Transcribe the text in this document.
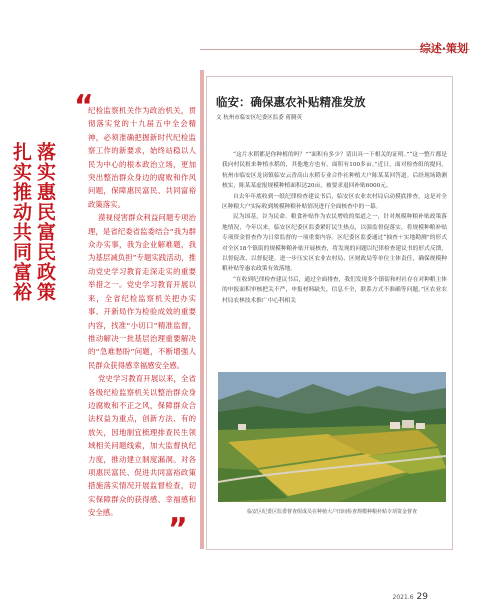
综述·策划
落实惠民富民政策
扎实推动共同富裕
“

纪检监察机关作为政治机关，贯彻落实党的十九届五中全会精神，必须准确把握新时代纪检监察工作的新要求，始终站稳以人民为中心的根本政治立场，更加突出整治群众身边的腐败和作风问题，保障惠民富民、共同富裕政策落实。

漠视侵害群众利益问题专项治理，是省纪委省监委结合“我为群众办实事，我为企业解难题，我为基层减负担”专题实践活动，推动党史学习教育走深走实的重要举措之一。党史学习教育开展以来，全省纪检监察机关把办实事、开新局作为检验成效的重要内容，找准“小切口”精准监督，推动解决一批基层治理重要解决的“急难愁盼”问题，不断增强人民群众获得感幸福感安全感。

党史学习教育开展以来，全省各级纪检监察机关以整治群众身边腐败和不正之风，保障群众合法权益为重点，创新方法、有的放矢，因地制宜梳理排查民生领域相关问题线索，加大监督执纪力度，推动建立制度漏洞。对各项惠民富民、促进共同富裕政策措施落实情况开展监督检查，切实保障群众的获得感、幸福感和安全感。	”
临安：确保惠农补贴精准发放
文 杭州市临安区纪委区监委 蒋腾英

“这片水稻都是你种植的吗？”“面积有多少？请出具一下相关的证明。”“这一整片都是我向村民租来种植水稻的，其他地方也有，面积有100多亩。”近日，面对检查组的提问，杭州市临安区龙岗镇临安云香高山水稻专业合作社种植大户陈某某回答道。后经现场勘测核实，陈某某虚报规模种植面积达20亩，被要求退回补贴6000元。

自去年年底收到一纸纪律检查建议书后，临安区农业农村局启动摸底排查，这是对全区种粮大户实际收到规模种粮补贴情况进行全面核查中的一幕。

民为国基，谷为民命。粮食补贴作为农民增收的渠道之一，针对规模种粮补贴政策落地情况，今年以来，临安区纪委区监委紧盯民生热点，以强监督促落实，将规模种粮补贴专项资金督查作为日常监督的一项重要内容。区纪委区监委通过“抽查＋实地勘测”的形式对全区18个镇街的规模种粮补贴开展核查，将发现的问题以纪律检查建议书的形式反馈，以督促改、以督促建，进一步压实区农业农村局、区财政局等单位主体责任，确保规模种粮补贴等惠农政策有效落地。

“在收到纪律检查建议书后，通过全面排查，我们发现多个镇街和村社存在对种粮主体的申报面积审核把关不严，申报材料缺失、信息不全，联系方式不准确等问题。”区农业农村局农林技术推广中心科相关

临安区纪委区监委督查组成员在种植大户田间检查规模种粮补贴专项资金督查
2021.6 29
